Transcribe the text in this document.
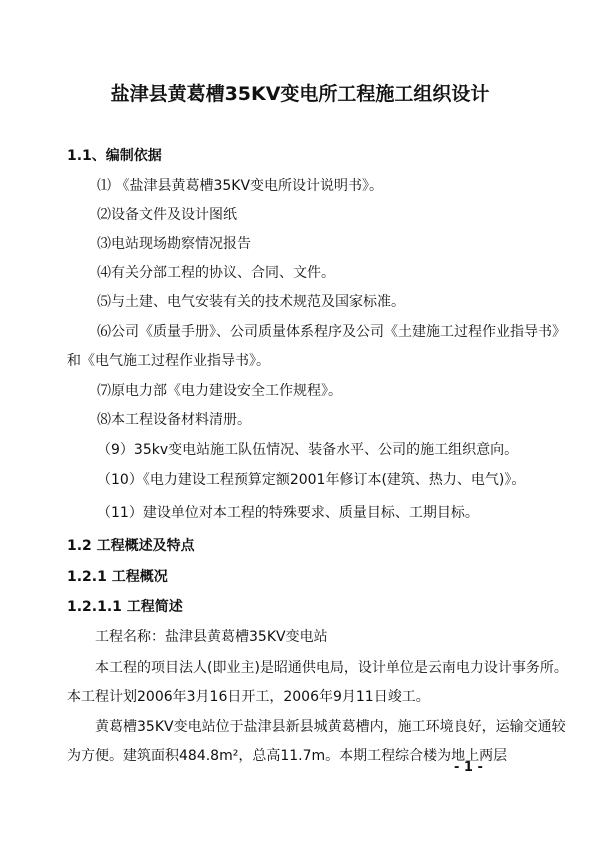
盐津县黄葛槽35KV变电所工程施工组织设计
1.1、编制依据
⑴ 《盐津县黄葛槽35KV变电所设计说明书》。
⑵设备文件及设计图纸
⑶电站现场勘察情况报告
⑷有关分部工程的协议、合同、文件。
⑸与土建、电气安装有关的技术规范及国家标准。
⑹公司《质量手册》、公司质量体系程序及公司《土建施工过程作业指导书》
和《电气施工过程作业指导书》。
⑺原电力部《电力建设安全工作规程》。
⑻本工程设备材料清册。
（9）35kv变电站施工队伍情况、装备水平、公司的施工组织意向。
（10）《电力建设工程预算定额2001年修订本(建筑、热力、电气)》。
（11）建设单位对本工程的特殊要求、质量目标、工期目标。
1.2 工程概述及特点
1.2.1 工程概况
1.2.1.1 工程简述
工程名称：盐津县黄葛槽35KV变电站
本工程的项目法人(即业主)是昭通供电局，设计单位是云南电力设计事务所。
本工程计划2006年3月16日开工，2006年9月11日竣工。
黄葛槽35KV变电站位于盐津县新县城黄葛槽内，施工环境良好，运输交通较
为方便。建筑面积484.8m²，总高11.7m。本期工程综合楼为地上两层
- 1 -
